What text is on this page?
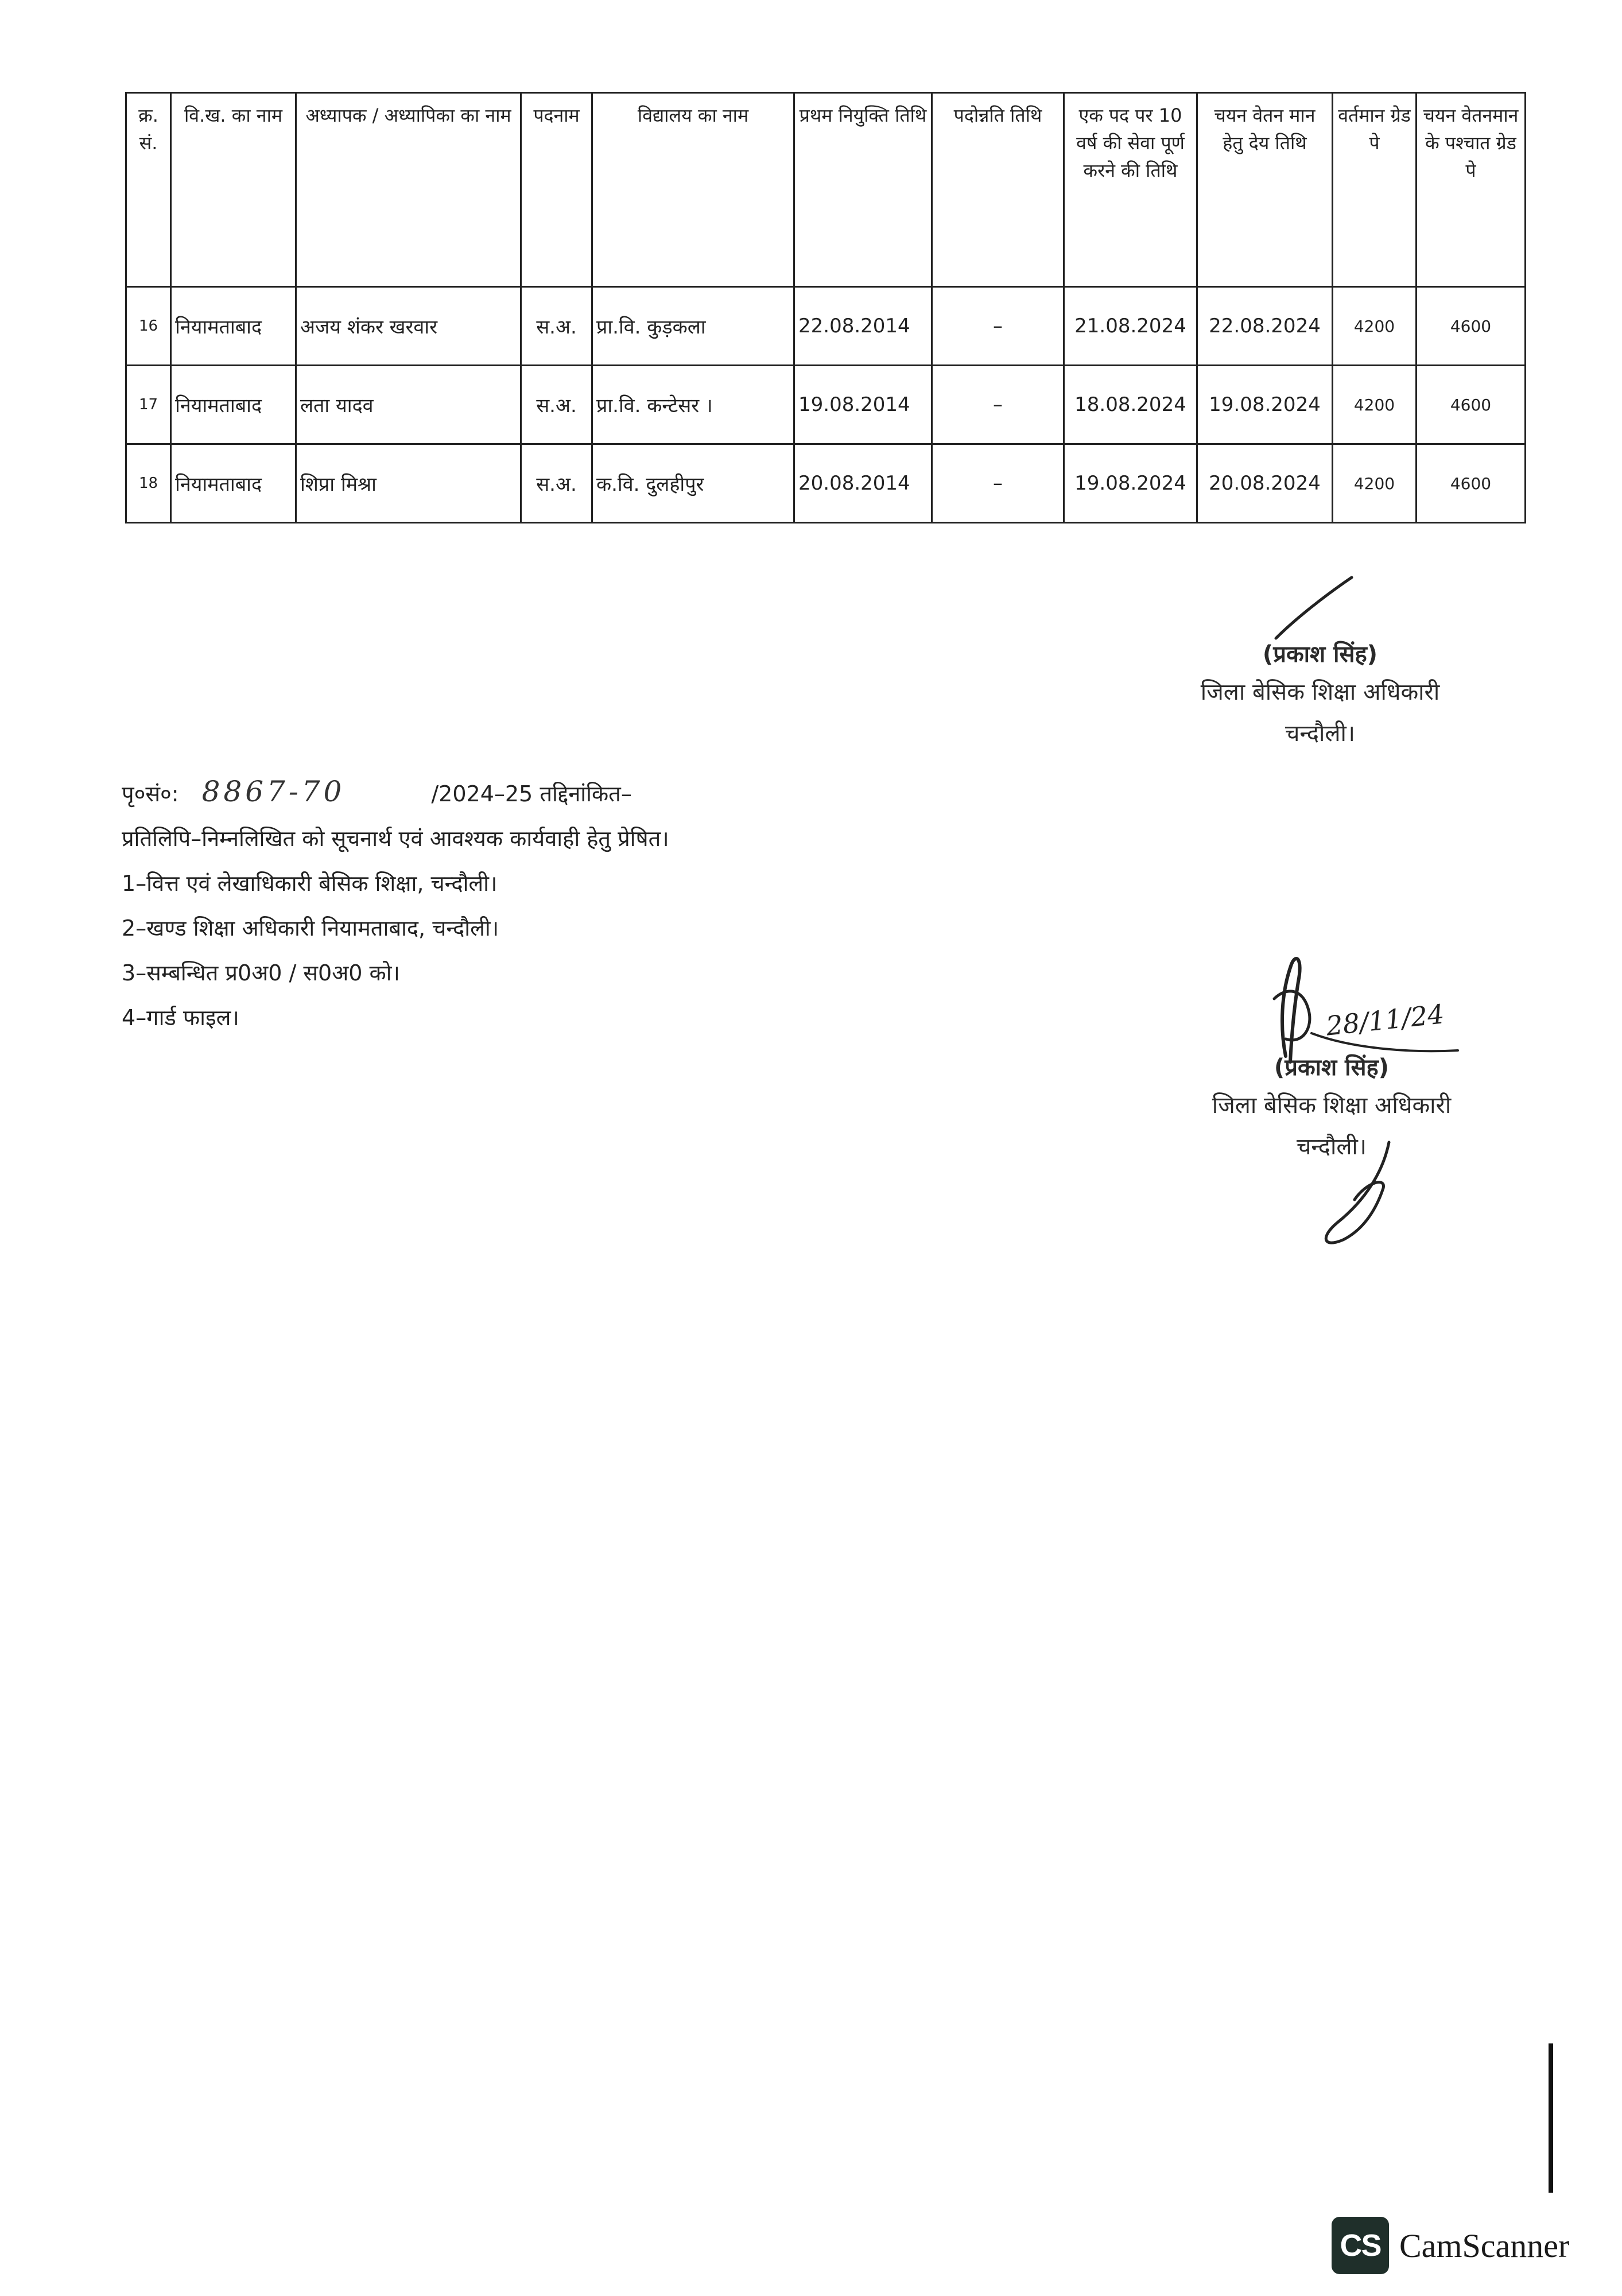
क्र. सं.	वि.ख. का नाम	अध्यापक / अध्यापिका का नाम	पदनाम	विद्यालय का नाम	प्रथम नियुक्ति तिथि	पदोन्नति तिथि	एक पद पर 10 वर्ष की सेवा पूर्ण करने की तिथि	चयन वेतन मान हेतु देय तिथि	वर्तमान ग्रेड पे	चयन वेतनमान के पश्चात ग्रेड पे
16	नियामताबाद	अजय शंकर खरवार	स.अ.	प्रा.वि. कुड़कला	22.08.2014	–	21.08.2024	22.08.2024	4200	4600
17	नियामताबाद	लता यादव	स.अ.	प्रा.वि. कन्टेसर ।	19.08.2014	–	18.08.2024	19.08.2024	4200	4600
18	नियामताबाद	शिप्रा मिश्रा	स.अ.	क.वि. दुलहीपुर	20.08.2014	–	19.08.2024	20.08.2024	4200	4600
(प्रकाश सिंह)
जिला बेसिक शिक्षा अधिकारी
चन्दौली।
पृ०सं०: 8867-70	/2024–25 तद्दिनांकित–
प्रतिलिपि–निम्नलिखित को सूचनार्थ एवं आवश्यक कार्यवाही हेतु प्रेषित।
1–वित्त एवं लेखाधिकारी बेसिक शिक्षा, चन्दौली।
2–खण्ड शिक्षा अधिकारी नियामताबाद, चन्दौली।
3–सम्बन्धित प्र0अ0 / स0अ0 को।
4–गार्ड फाइल।	28/11/24
(प्रकाश सिंह)
जिला बेसिक शिक्षा अधिकारी
चन्दौली।
CS CamScanner
